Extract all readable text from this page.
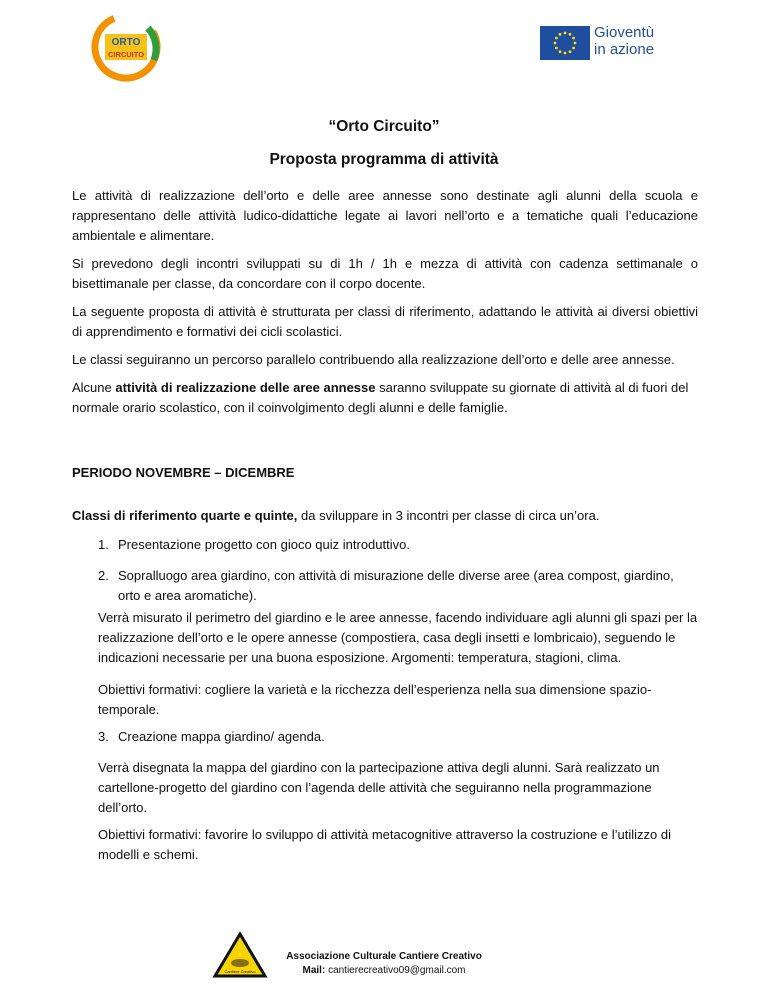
ORTO
CIRCUITO
Gioventù
in azione
“Orto Circuito”
Proposta programma di attività
Le attività di realizzazione dell’orto e delle aree annesse sono destinate agli alunni della scuola e rappresentano delle attività ludico-didattiche legate ai lavori nell’orto e a tematiche quali l’educazione ambientale e alimentare.
Si prevedono degli incontri sviluppati su di 1h / 1h e mezza di attività con cadenza settimanale o bisettimanale per classe, da concordare con il corpo docente.
La seguente proposta di attività è strutturata per classi di riferimento, adattando le attività ai diversi obiettivi di apprendimento e formativi dei cicli scolastici.
Le classi seguiranno un percorso parallelo contribuendo alla realizzazione dell’orto e delle aree annesse.
Alcune attività di realizzazione delle aree annesse saranno sviluppate su giornate di attività al di fuori del normale orario scolastico, con il coinvolgimento degli alunni e delle famiglie.
PERIODO NOVEMBRE – DICEMBRE
Classi di riferimento quarte e quinte, da sviluppare in 3 incontri per classe di circa un’ora.
1. Presentazione progetto con gioco quiz introduttivo.
2. Sopralluogo area giardino, con attività di misurazione delle diverse aree (area compost, giardino, orto e area aromatiche).
Verrà misurato il perimetro del giardino e le aree annesse, facendo individuare agli alunni gli spazi per la realizzazione dell’orto e le opere annesse (compostiera, casa degli insetti e lombricaio), seguendo le indicazioni necessarie per una buona esposizione. Argomenti: temperatura, stagioni, clima.
Obiettivi formativi: cogliere la varietà e la ricchezza dell’esperienza nella sua dimensione spazio-temporale.
3. Creazione mappa giardino/ agenda.
Verrà disegnata la mappa del giardino con la partecipazione attiva degli alunni. Sarà realizzato un cartellone-progetto del giardino con l’agenda delle attività che seguiranno nella programmazione dell’orto.
Obiettivi formativi: favorire lo sviluppo di attività metacognitive attraverso la costruzione e l’utilizzo di modelli e schemi.
Cantiere Creativo
Associazione Culturale Cantiere Creativo
Mail: cantierecreativo09@gmail.com
